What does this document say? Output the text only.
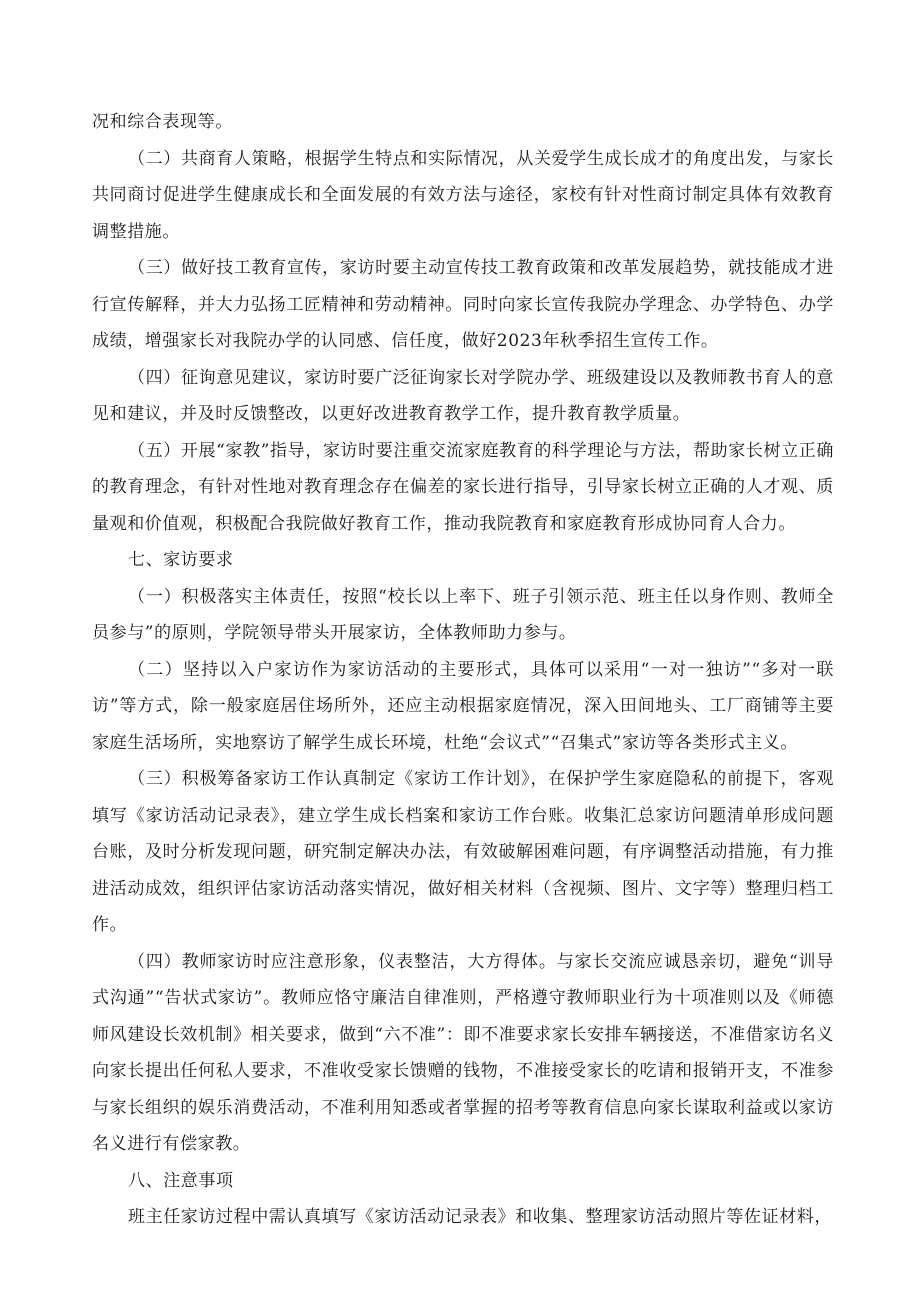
况和综合表现等。

（二）共商育人策略，根据学生特点和实际情况，从关爱学生成长成才的角度出发，与家长共同商讨促进学生健康成长和全面发展的有效方法与途径，家校有针对性商讨制定具体有效教育调整措施。

（三）做好技工教育宣传，家访时要主动宣传技工教育政策和改革发展趋势，就技能成才进行宣传解释，并大力弘扬工匠精神和劳动精神。同时向家长宣传我院办学理念、办学特色、办学成绩，增强家长对我院办学的认同感、信任度，做好2023年秋季招生宣传工作。

（四）征询意见建议，家访时要广泛征询家长对学院办学、班级建设以及教师教书育人的意见和建议，并及时反馈整改，以更好改进教育教学工作，提升教育教学质量。

（五）开展“家教”指导，家访时要注重交流家庭教育的科学理论与方法，帮助家长树立正确的教育理念，有针对性地对教育理念存在偏差的家长进行指导，引导家长树立正确的人才观、质量观和价值观，积极配合我院做好教育工作，推动我院教育和家庭教育形成协同育人合力。

七、家访要求

（一）积极落实主体责任，按照“校长以上率下、班子引领示范、班主任以身作则、教师全员参与”的原则，学院领导带头开展家访，全体教师助力参与。

（二）坚持以入户家访作为家访活动的主要形式，具体可以采用“一对一独访”“多对一联访”等方式，除一般家庭居住场所外，还应主动根据家庭情况，深入田间地头、工厂商铺等主要家庭生活场所，实地察访了解学生成长环境，杜绝“会议式”“召集式”家访等各类形式主义。

（三）积极筹备家访工作认真制定《家访工作计划》，在保护学生家庭隐私的前提下，客观填写《家访活动记录表》，建立学生成长档案和家访工作台账。收集汇总家访问题清单形成问题台账，及时分析发现问题，研究制定解决办法，有效破解困难问题，有序调整活动措施，有力推进活动成效，组织评估家访活动落实情况，做好相关材料（含视频、图片、文字等）整理归档工作。

（四）教师家访时应注意形象，仪表整洁，大方得体。与家长交流应诚恳亲切，避免“训导式沟通”“告状式家访”。教师应恪守廉洁自律准则，严格遵守教师职业行为十项准则以及《师德师风建设长效机制》相关要求，做到“六不准”：即不准要求家长安排车辆接送，不准借家访名义向家长提出任何私人要求，不准收受家长馈赠的钱物，不准接受家长的吃请和报销开支，不准参与家长组织的娱乐消费活动，不准利用知悉或者掌握的招考等教育信息向家长谋取利益或以家访名义进行有偿家教。

八、注意事项

班主任家访过程中需认真填写《家访活动记录表》和收集、整理家访活动照片等佐证材料，
